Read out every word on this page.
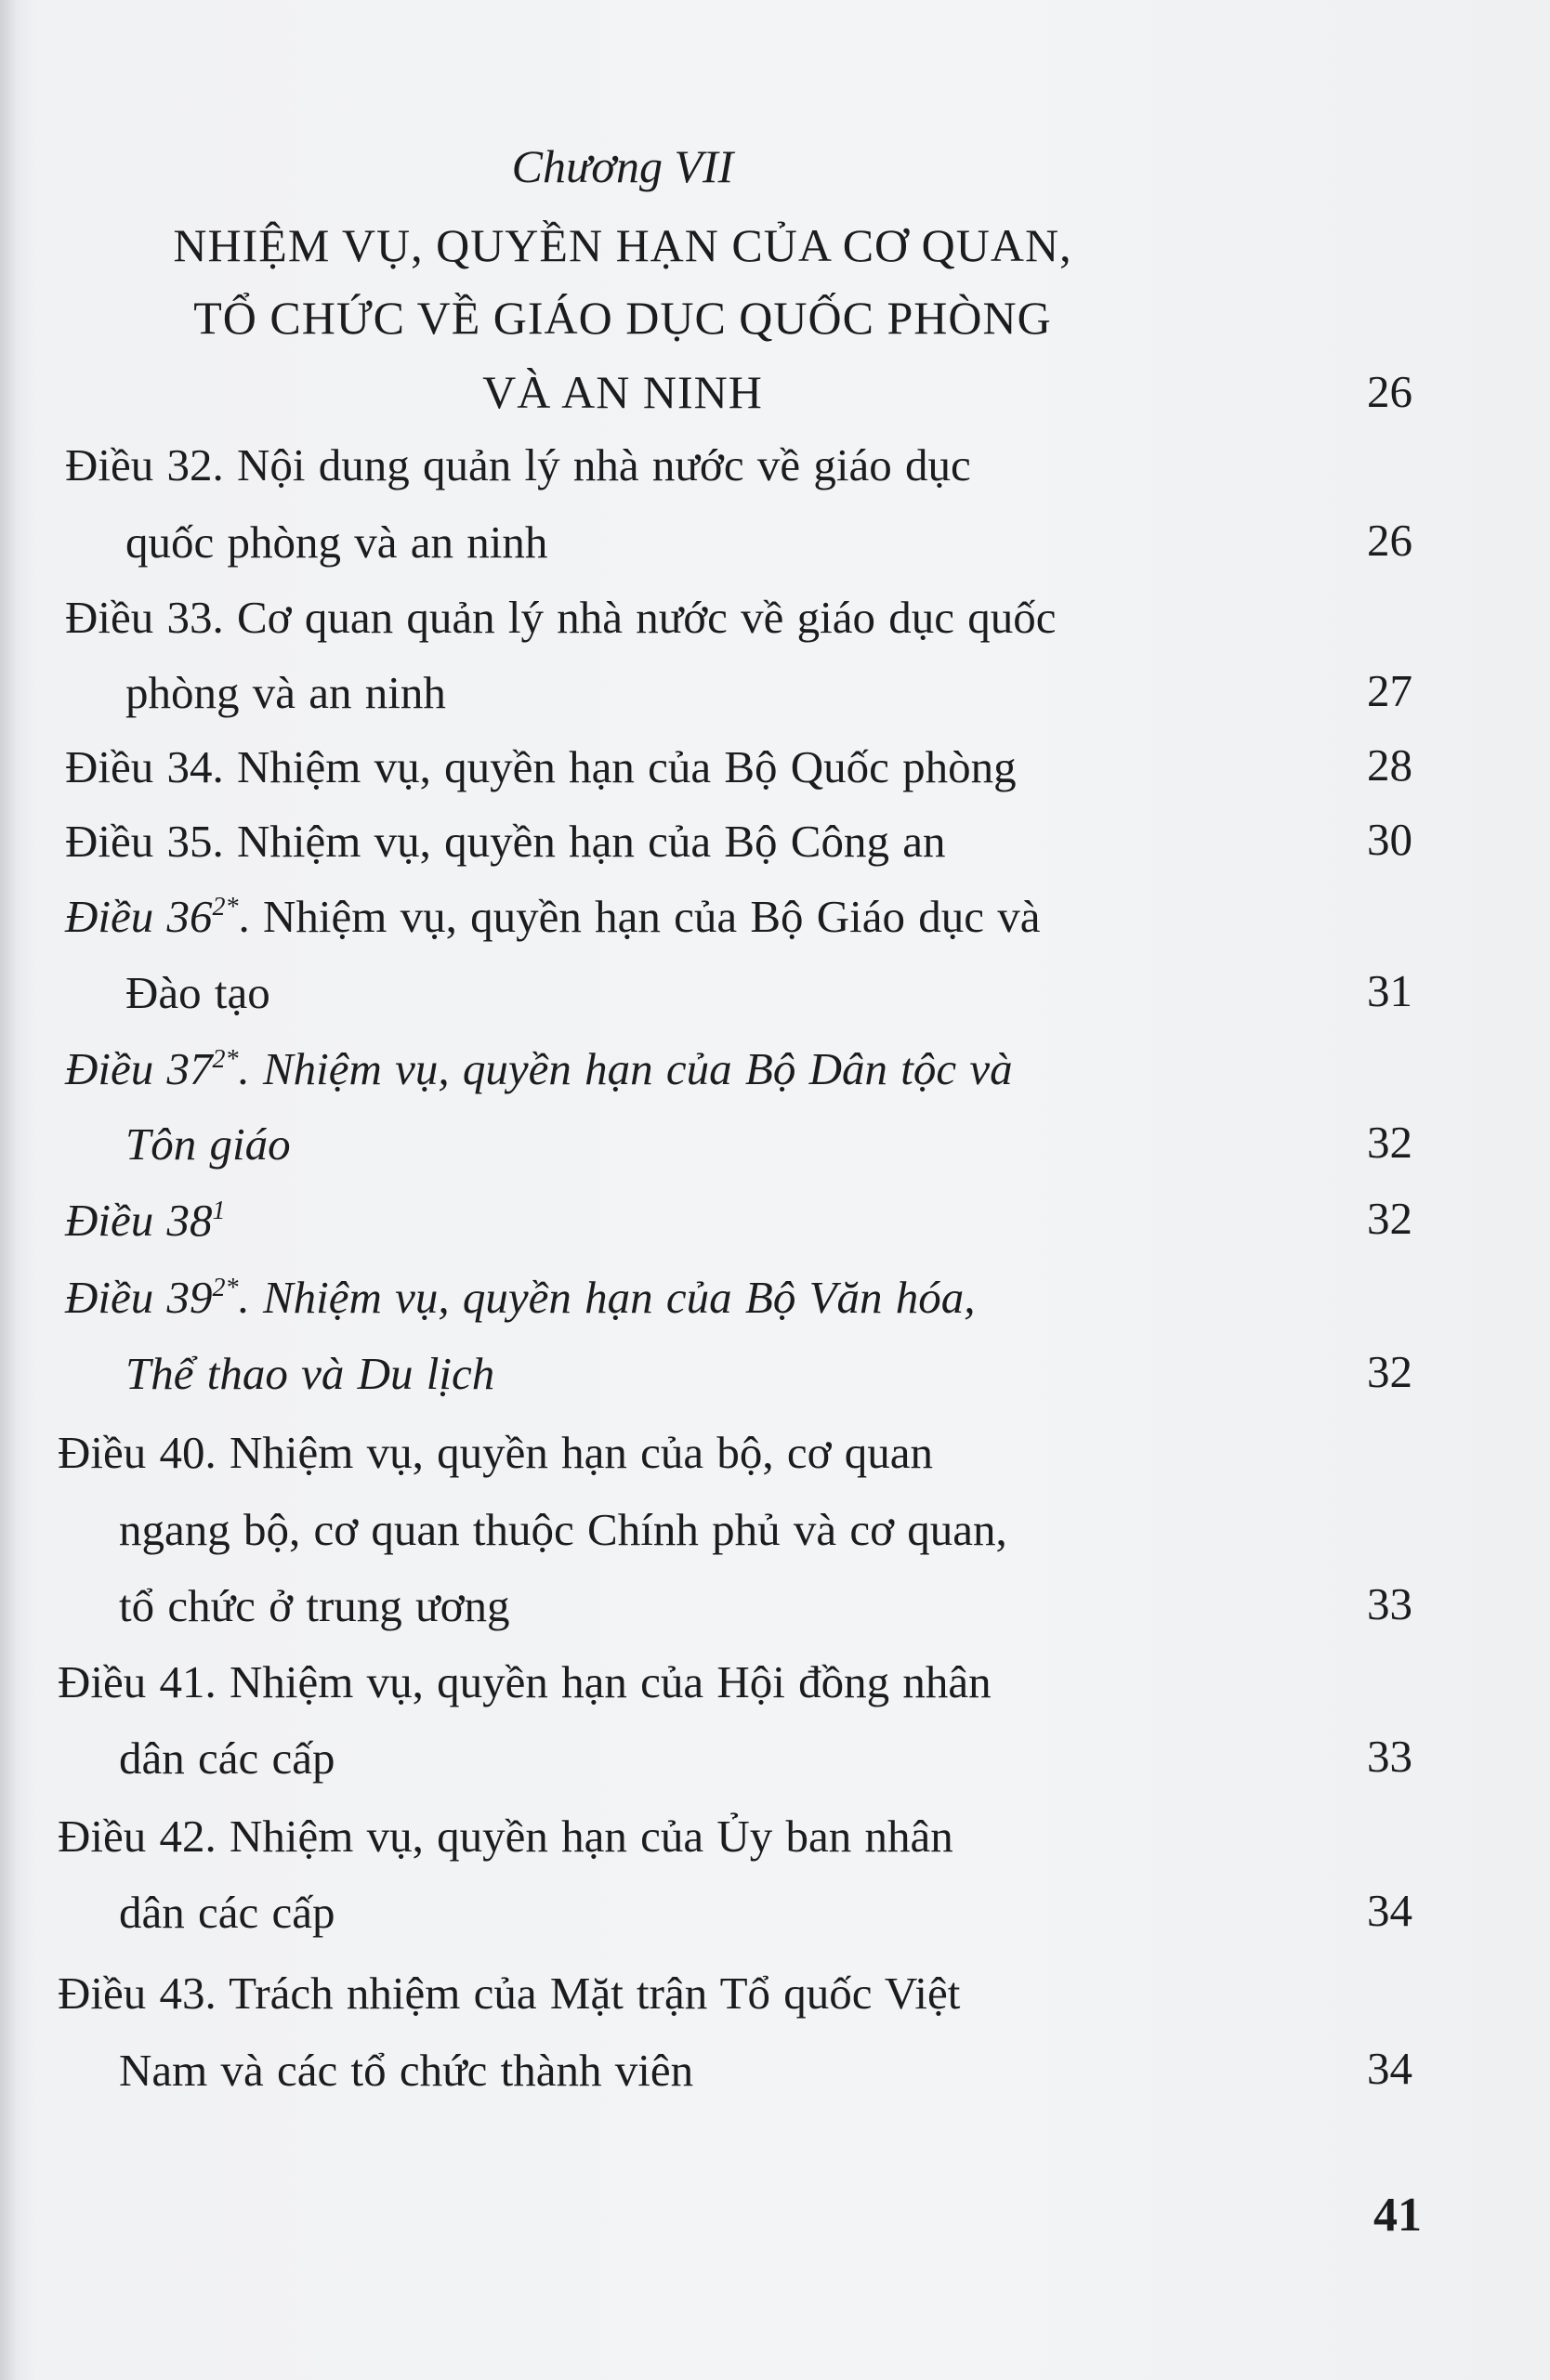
Chương VII
NHIỆM VỤ, QUYỀN HẠN CỦA CƠ QUAN,
TỔ CHỨC VỀ GIÁO DỤC QUỐC PHÒNG
VÀ AN NINH	26
Điều 32. Nội dung quản lý nhà nước về giáo dục
quốc phòng và an ninh	26
Điều 33. Cơ quan quản lý nhà nước về giáo dục quốc
phòng và an ninh	27
Điều 34. Nhiệm vụ, quyền hạn của Bộ Quốc phòng	28
Điều 35. Nhiệm vụ, quyền hạn của Bộ Công an	30
Điều $36^{2*}$. Nhiệm vụ, quyền hạn của Bộ Giáo dục và
Đào tạo	31
Điều $37^{2*}$. Nhiệm vụ, quyền hạn của Bộ Dân tộc và
Tôn giáo	32
Điều $38^1$	32
Điều $39^{2*}$. Nhiệm vụ, quyền hạn của Bộ Văn hóa,
Thể thao và Du lịch	32
Điều 40. Nhiệm vụ, quyền hạn của bộ, cơ quan
ngang bộ, cơ quan thuộc Chính phủ và cơ quan,
tổ chức ở trung ương	33
Điều 41. Nhiệm vụ, quyền hạn của Hội đồng nhân
dân các cấp	33
Điều 42. Nhiệm vụ, quyền hạn của Ủy ban nhân
dân các cấp	34
Điều 43. Trách nhiệm của Mặt trận Tổ quốc Việt
Nam và các tổ chức thành viên	34
41
